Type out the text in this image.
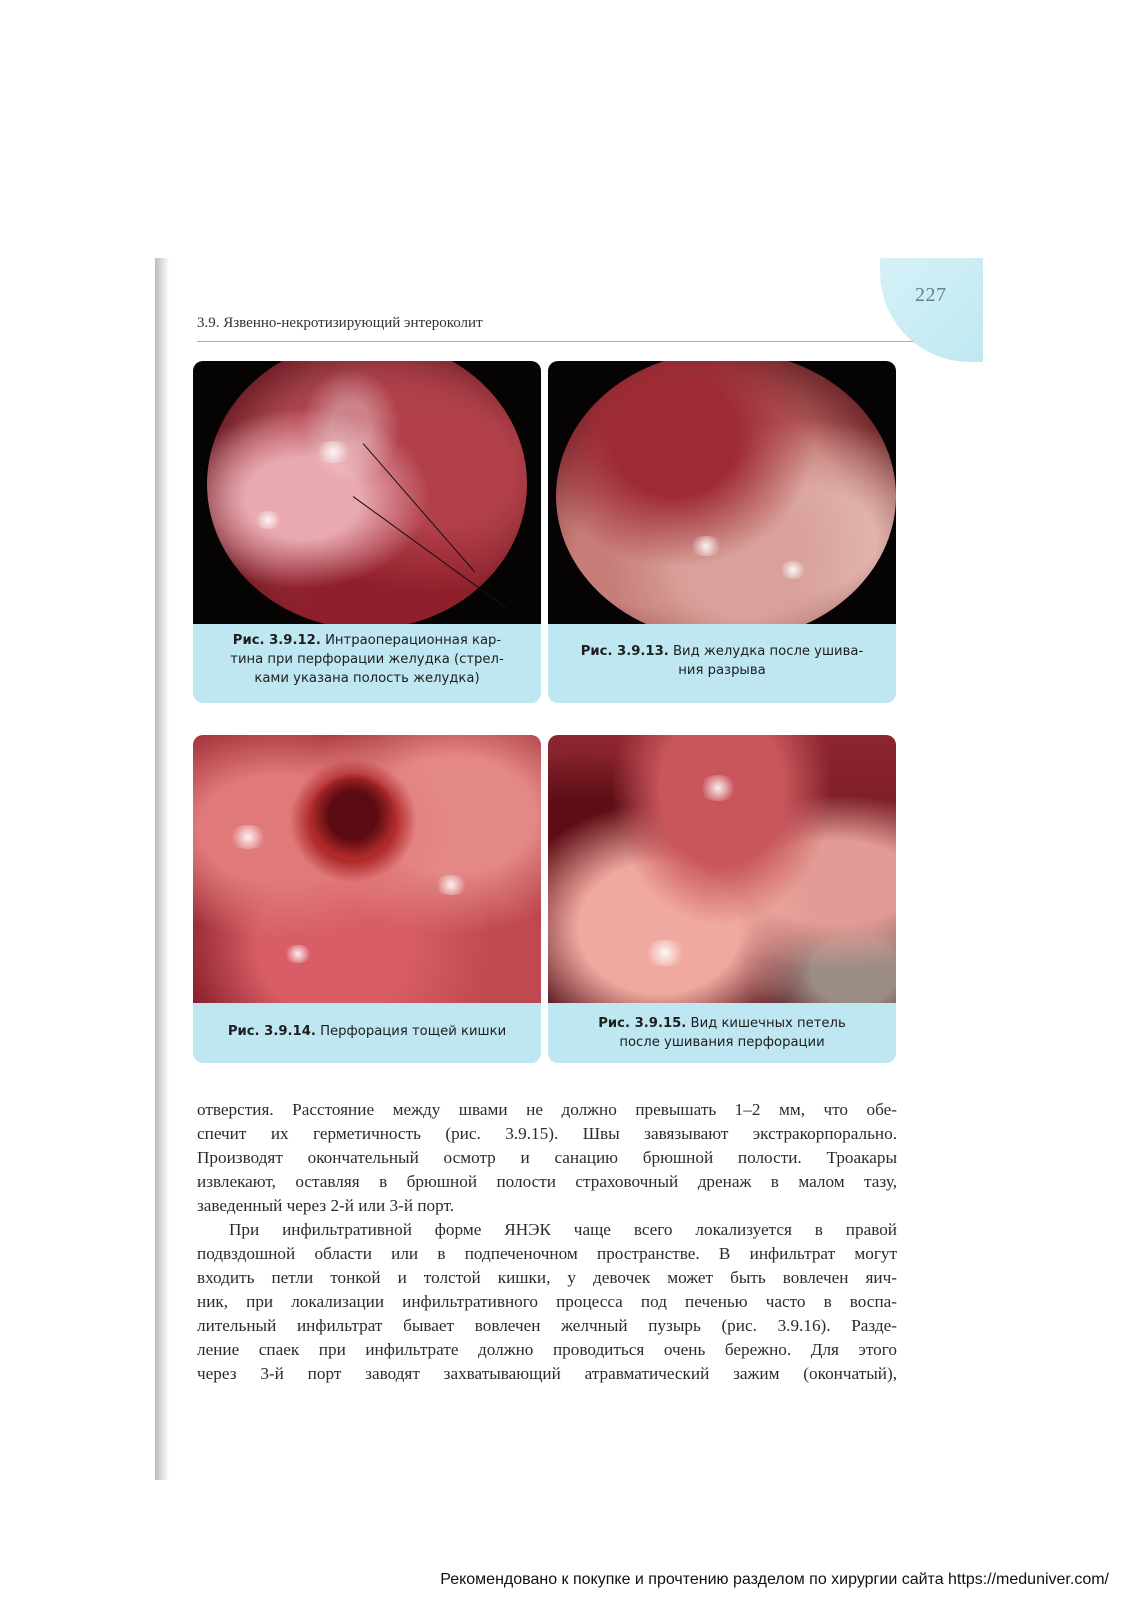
227
3.9. Язвенно-некротизирующий энтероколит
Рис. 3.9.12. Интраоперационная кар-
тина при перфорации желудка (стрел-
ками указана полость желудка)
Рис. 3.9.13. Вид желудка после ушива-
ния разрыва
Рис. 3.9.14. Перфорация тощей кишки
Рис. 3.9.15. Вид кишечных петель
после ушивания перфорации
отверстия. Расстояние между швами не должно превышать 1–2 мм, что обе-
спечит их герметичность (рис. 3.9.15). Швы завязывают экстракорпорально.
Производят окончательный осмотр и санацию брюшной полости. Троакары
извлекают, оставляя в брюшной полости страховочный дренаж в малом тазу,
заведенный через 2-й или 3-й порт.
При инфильтративной форме ЯНЭК чаще всего локализуется в правой
подвздошной области или в подпеченочном пространстве. В инфильтрат могут
входить петли тонкой и толстой кишки, у девочек может быть вовлечен яич-
ник, при локализации инфильтративного процесса под печенью часто в воспа-
лительный инфильтрат бывает вовлечен желчный пузырь (рис. 3.9.16). Разде-
ление спаек при инфильтрате должно проводиться очень бережно. Для этого
через 3-й порт заводят захватывающий атравматический зажим (окончатый),
Рекомендовано к покупке и прочтению разделом по хирургии сайта https://meduniver.com/
